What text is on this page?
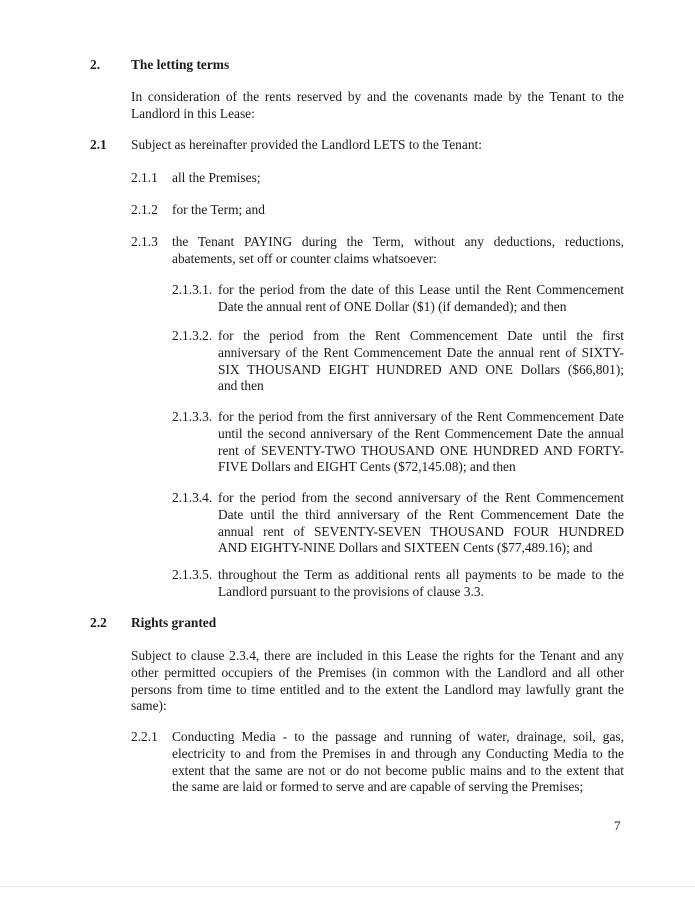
2. The letting terms
In consideration of the rents reserved by and the covenants made by the Tenant to the
Landlord in this Lease:
2.1 Subject as hereinafter provided the Landlord LETS to the Tenant:
2.1.1 all the Premises;
2.1.2 for the Term; and
2.1.3 the Tenant PAYING during the Term, without any deductions, reductions,
abatements, set off or counter claims whatsoever:
2.1.3.1. for the period from the date of this Lease until the Rent Commencement
Date the annual rent of ONE Dollar ($1) (if demanded); and then
2.1.3.2. for the period from the Rent Commencement Date until the first
anniversary of the Rent Commencement Date the annual rent of SIXTY-
SIX THOUSAND EIGHT HUNDRED AND ONE Dollars ($66,801);
and then
2.1.3.3. for the period from the first anniversary of the Rent Commencement Date
until the second anniversary of the Rent Commencement Date the annual
rent of SEVENTY-TWO THOUSAND ONE HUNDRED AND FORTY-
FIVE Dollars and EIGHT Cents ($72,145.08); and then
2.1.3.4. for the period from the second anniversary of the Rent Commencement
Date until the third anniversary of the Rent Commencement Date the
annual rent of SEVENTY-SEVEN THOUSAND FOUR HUNDRED
AND EIGHTY-NINE Dollars and SIXTEEN Cents ($77,489.16); and
2.1.3.5. throughout the Term as additional rents all payments to be made to the
Landlord pursuant to the provisions of clause 3.3.
2.2 Rights granted
Subject to clause 2.3.4, there are included in this Lease the rights for the Tenant and any
other permitted occupiers of the Premises (in common with the Landlord and all other
persons from time to time entitled and to the extent the Landlord may lawfully grant the
same):
2.2.1 Conducting Media - to the passage and running of water, drainage, soil, gas,
electricity to and from the Premises in and through any Conducting Media to the
extent that the same are not or do not become public mains and to the extent that
the same are laid or formed to serve and are capable of serving the Premises;
7
